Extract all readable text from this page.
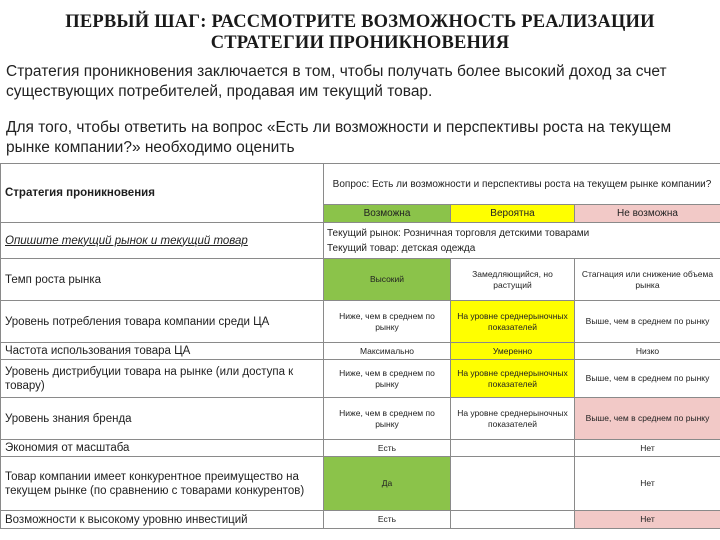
ПЕРВЫЙ ШАГ: РАССМОТРИТЕ ВОЗМОЖНОСТЬ РЕАЛИЗАЦИИ СТРАТЕГИИ ПРОНИКНОВЕНИЯ
Стратегия проникновения заключается в том, чтобы получать более высокий доход за счет существующих потребителей, продавая им текущий товар.
Для того, чтобы ответить на вопрос «Есть ли возможности и перспективы роста на текущем рынке компании?» необходимо оценить
Стратегия проникновения	Вопрос: Есть ли возможности и перспективы роста на текущем рынке компании?		
	Возможна	Вероятна	Не возможна
Опишите текущий рынок и текущий товар	Текущий рынок: Розничная торговля детскими товарами
Текущий товар: детская одежда		

Темп роста рынка	Высокий	Замедляющийся, но растущий	Стагнация или снижение объема рынка
Уровень потребления товара компании среди ЦА	Ниже, чем в среднем по рынку	На уровне среднерыночных показателей	Выше, чем в среднем по рынку
Частота использования товара ЦА	Максимально	Умеренно	Низко
Уровень дистрибуции товара на рынке (или доступа к товару)	Ниже, чем в среднем по рынку	На уровне среднерыночных показателей	Выше, чем в среднем по рынку
Уровень знания бренда	Ниже, чем в среднем по рынку	На уровне среднерыночных показателей	Выше, чем в среднем по рынку
Экономия от масштаба	Есть		Нет
Товар компании имеет конкурентное преимущество на текущем рынке (по сравнению с товарами конкурентов)	Да		Нет
Возможности к высокому уровню инвестиций	Есть		Нет
